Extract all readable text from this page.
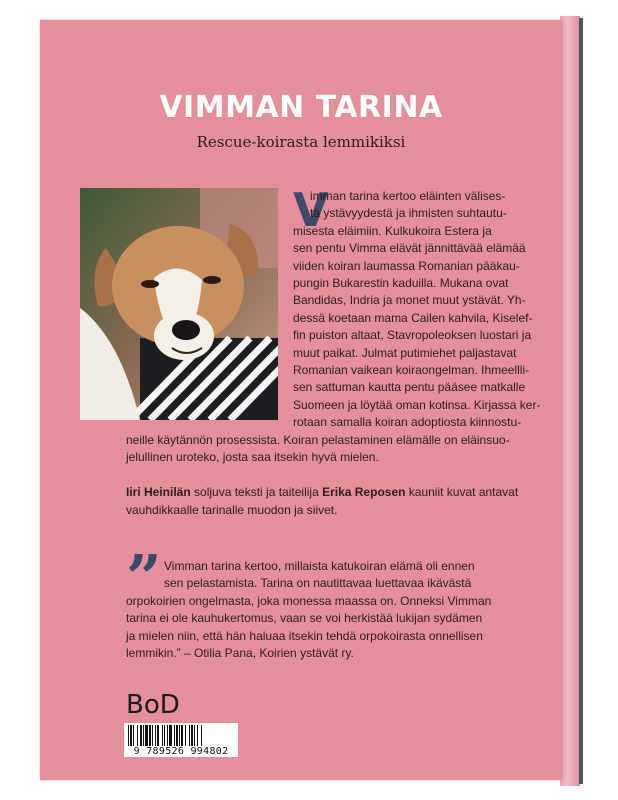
VIMMAN TARINA
Rescue-koirasta lemmikiksi
V
imman tarina kertoo eläinten välises-
tä ystävyydestä ja ihmisten suhtautu-
misesta eläimiin. Kulkukoira Estera ja
sen pentu Vimma elävät jännittävää elämää
viiden koiran laumassa Romanian pääkau-
pungin Bukarestin kaduilla. Mukana ovat
Bandidas, Indria ja monet muut ystävät. Yh-
dessä koetaan mama Cailen kahvila, Kiselef-
fin puiston altaat, Stavropoleoksen luostari ja
muut paikat. Julmat putimiehet paljastavat
Romanian vaikean koiraongelman. Ihmeellli-
sen sattuman kautta pentu pääsee matkalle
Suomeen ja löytää oman kotinsa. Kirjassa ker-
rotaan samalla koiran adoptiosta kiinnostu-
neille käytännön prosessista. Koiran pelastaminen elämälle on eläinsuo-
jelullinen uroteko, josta saa itsekin hyvä mielen.
Iiri Heinilän soljuva teksti ja taiteilija Erika Reposen kauniit kuvat antavat
vauhdikkaalle tarinalle muodon ja siivet.
” Vimman tarina kertoo, millaista katukoiran elämä oli ennen
sen pelastamista. Tarina on nautittavaa luettavaa ikävästä
orpokoirien ongelmasta, joka monessa maassa on. Onneksi Vimman
tarina ei ole kauhukertomus, vaan se voi herkistää lukijan sydämen
ja mielen niin, että hän haluaa itsekin tehdä orpokoirasta onnellisen
lemmikin.” – Otilia Pana, Koirien ystävät ry.
BoD
9 789526 994802
